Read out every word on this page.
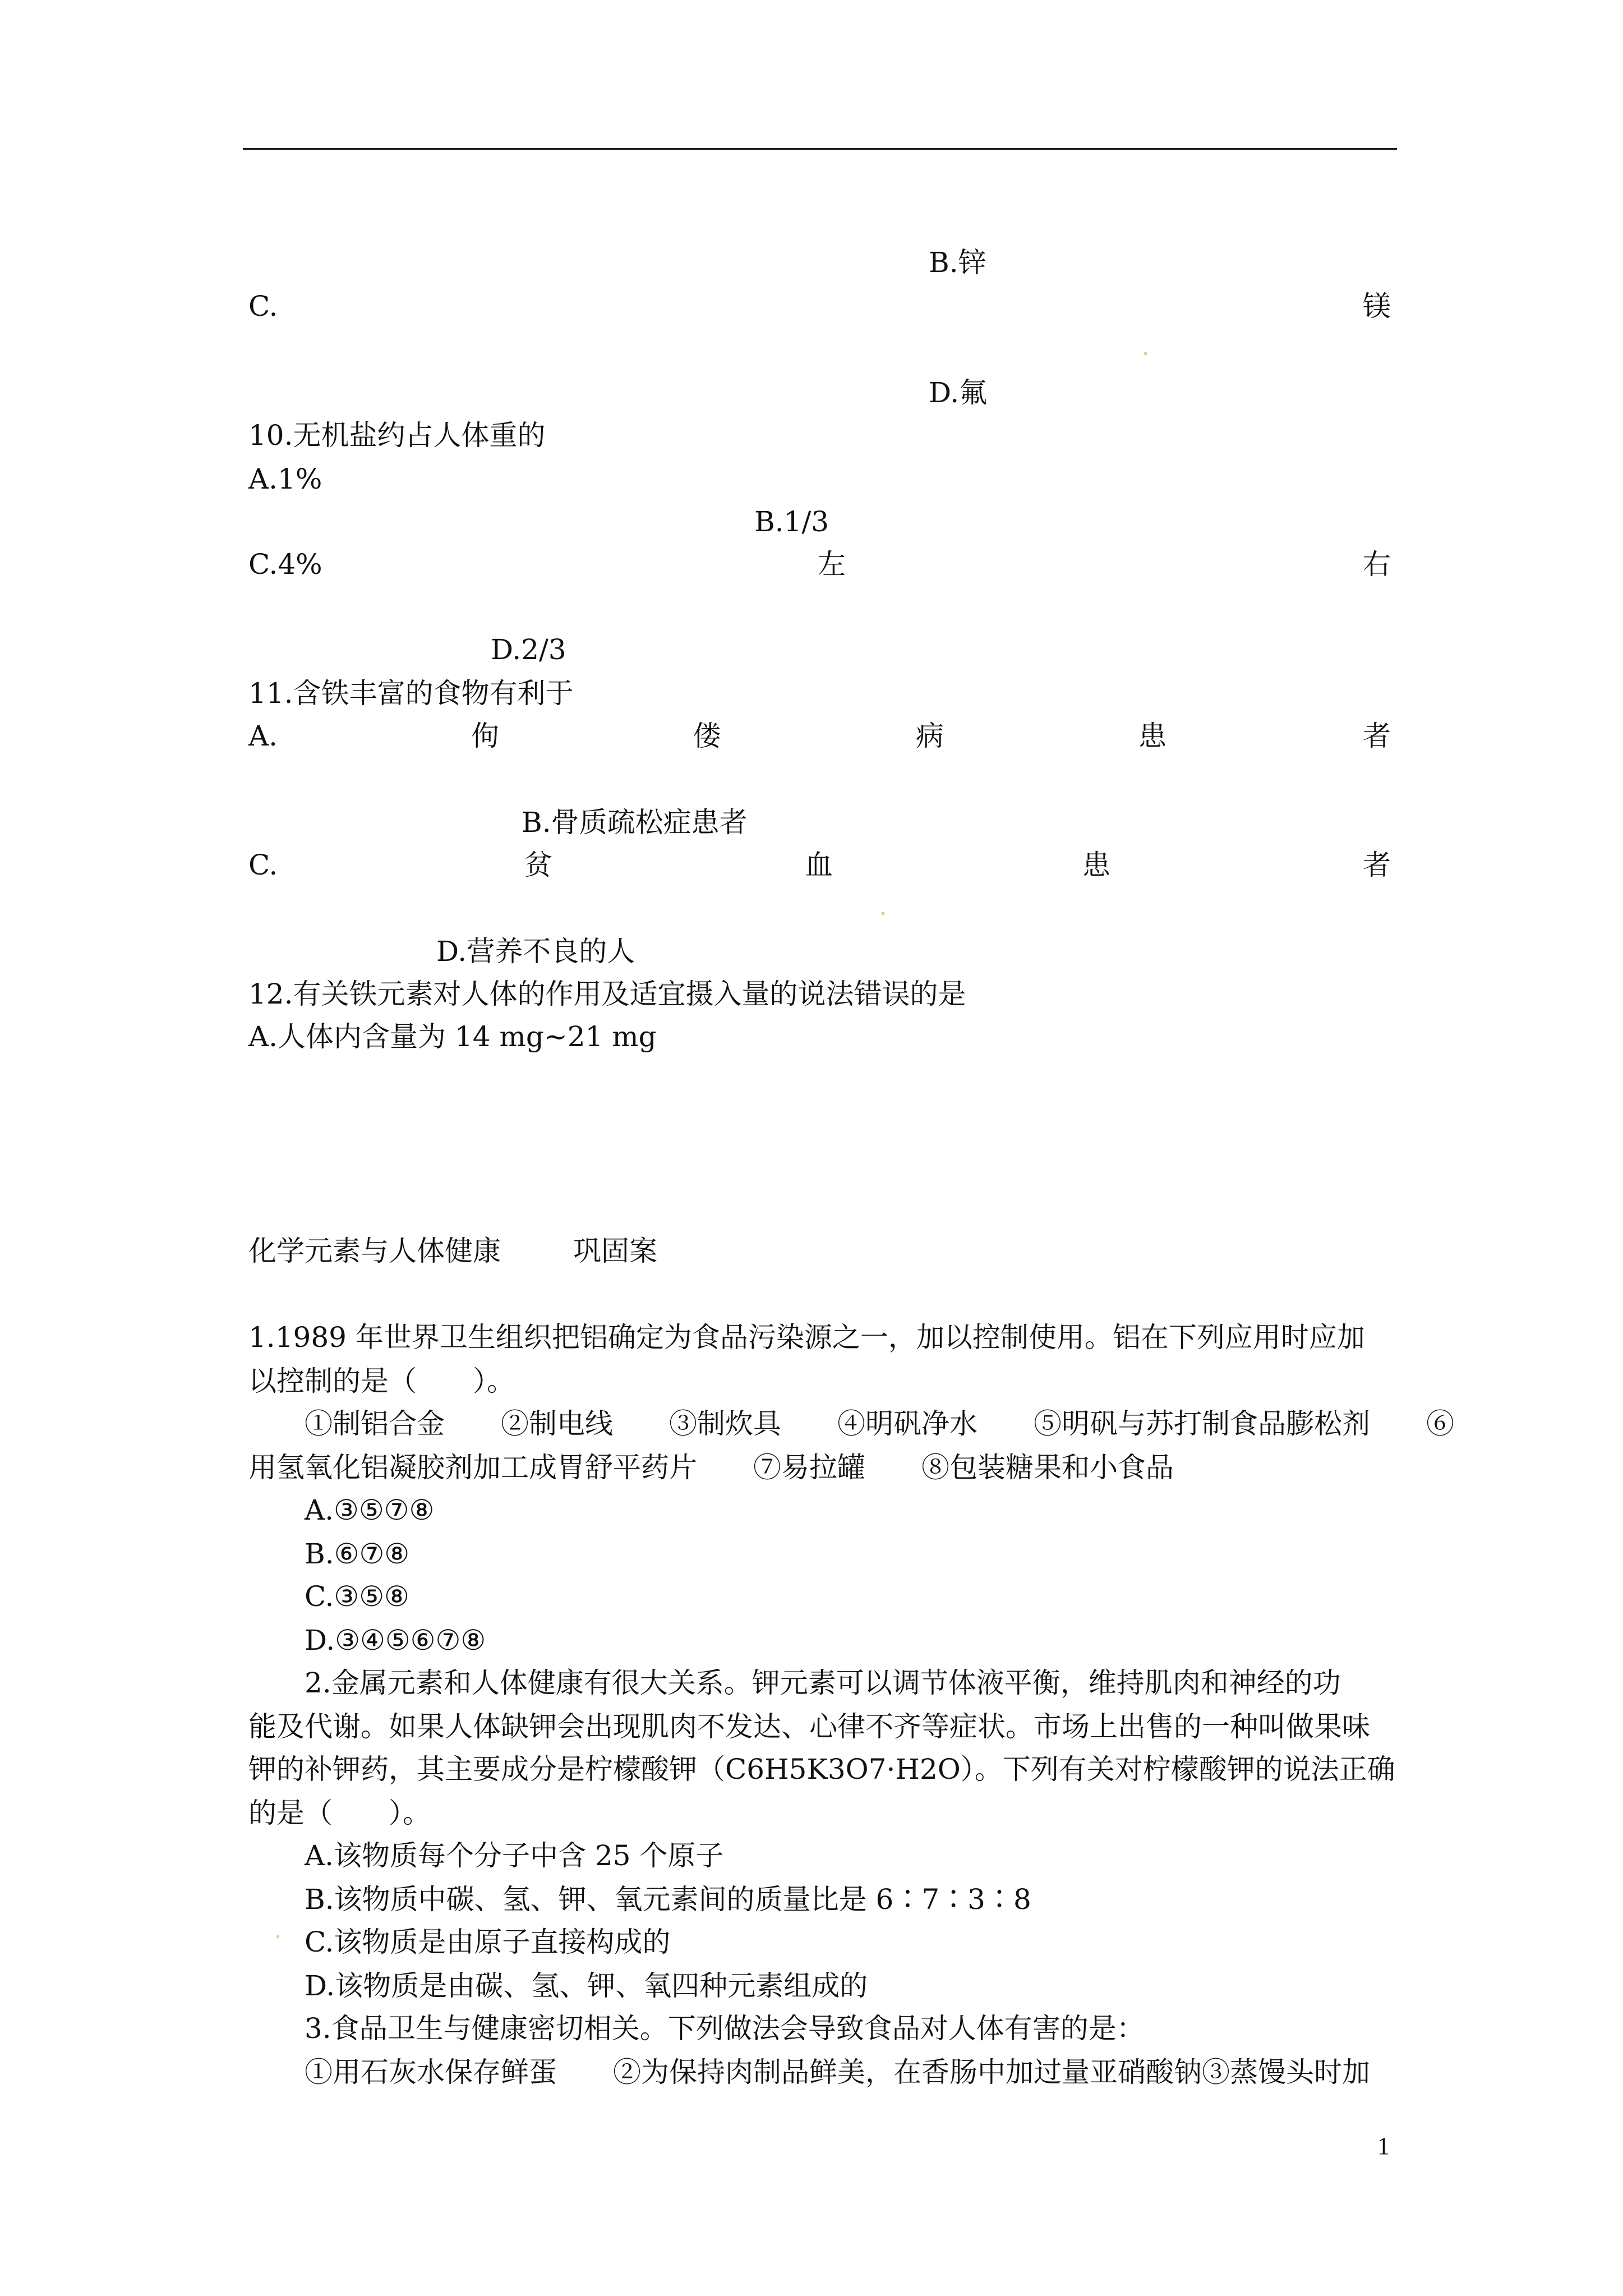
B.锌
C.	镁
D.氟
10.无机盐约占人体重的
A.1%
B.1/3
C.4%	左	右
D.2/3
11.含铁丰富的食物有利于
A.	佝	偻	病	患	者
B.骨质疏松症患者
C.	贫	血	患	者
D.营养不良的人
12.有关铁元素对人体的作用及适宜摄入量的说法错误的是
A.人体内含量为 14 mg~21 mg
化学元素与人体健康	巩固案
1.1989 年世界卫生组织把铝确定为食品污染源之一，加以控制使用。铝在下列应用时应加
以控制的是（　　）。
①制铝合金　　②制电线　　③制炊具　　④明矾净水　　⑤明矾与苏打制食品膨松剂　　⑥
用氢氧化铝凝胶剂加工成胃舒平药片　　⑦易拉罐　　⑧包装糖果和小食品
A.③⑤⑦⑧
B.⑥⑦⑧
C.③⑤⑧
D.③④⑤⑥⑦⑧
2.金属元素和人体健康有很大关系。钾元素可以调节体液平衡，维持肌肉和神经的功
能及代谢。如果人体缺钾会出现肌肉不发达、心律不齐等症状。市场上出售的一种叫做果味
钾的补钾药，其主要成分是柠檬酸钾（C6H5K3O7·H2O）。下列有关对柠檬酸钾的说法正确
的是（　　）。
A.该物质每个分子中含 25 个原子
B.该物质中碳、氢、钾、氧元素间的质量比是 6∶7∶3∶8
C.该物质是由原子直接构成的
D.该物质是由碳、氢、钾、氧四种元素组成的
3.食品卫生与健康密切相关。下列做法会导致食品对人体有害的是：
①用石灰水保存鲜蛋　　②为保持肉制品鲜美，在香肠中加过量亚硝酸钠③蒸馒头时加
1
